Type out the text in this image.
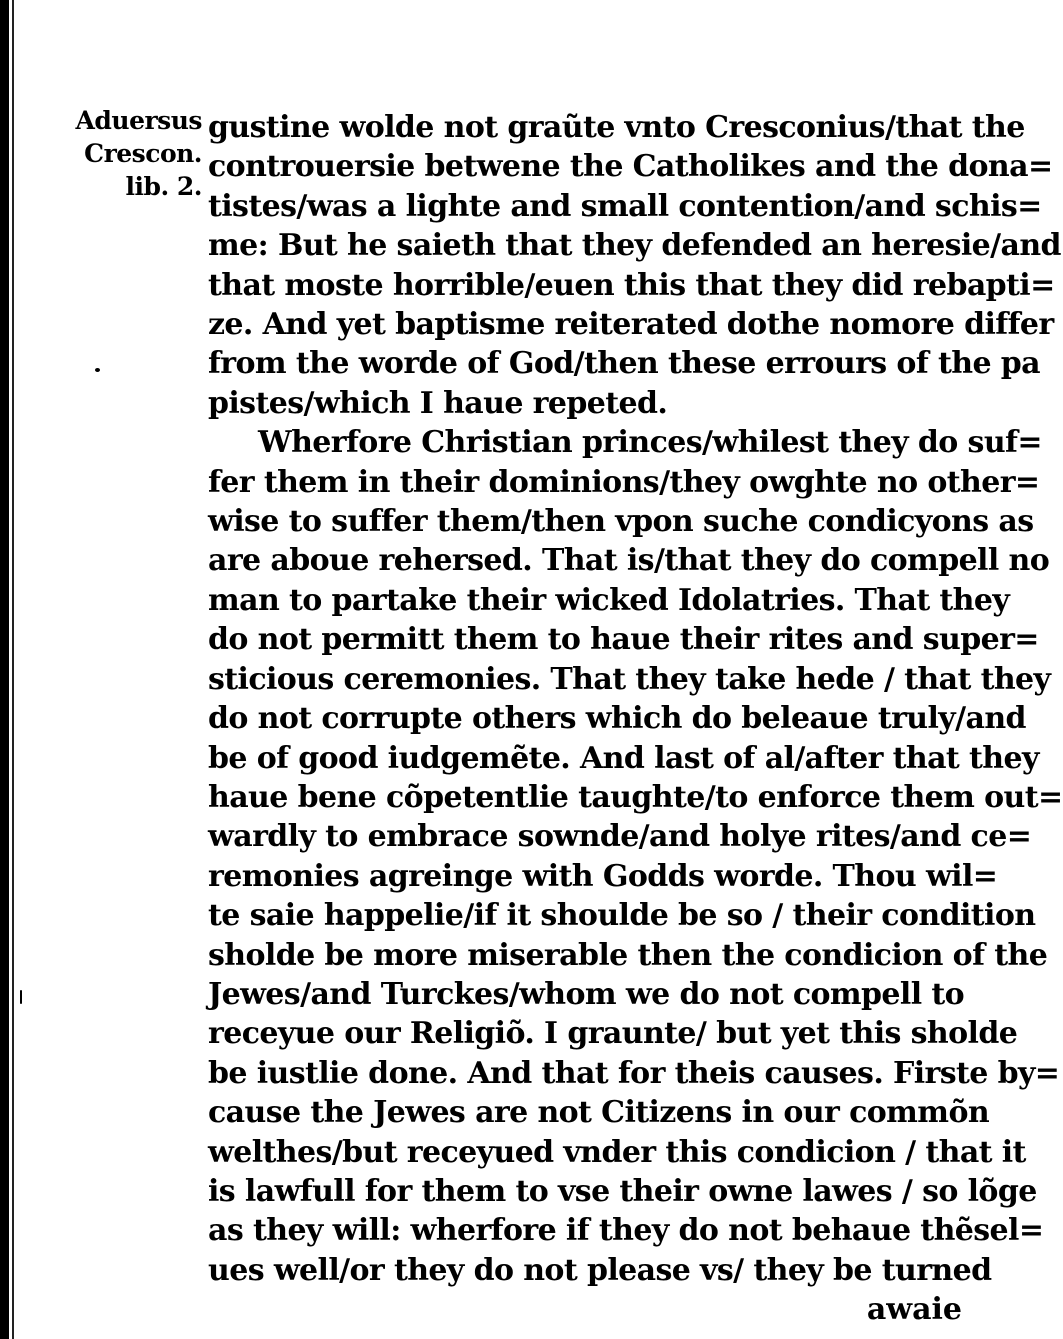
Aduersus
Crescon.
lib. 2.
gustine wolde not graũte vnto Cresconius/that the
controuersie betwene the Catholikes and the dona=
tistes/was a lighte and small contention/and schis=
me: But he saieth that they defended an heresie/and
that moste horrible/euen this that they did rebapti=
ze. And yet baptisme reiterated dothe nomore differ
from the worde of God/then these errours of the pa
pistes/which I haue repeted.
Wherfore Christian princes/whilest they do suf=
fer them in their dominions/they owghte no other=
wise to suffer them/then vpon suche condicyons as
are aboue rehersed. That is/that they do compell no
man to partake their wicked Idolatries. That they
do not permitt them to haue their rites and super=
sticious ceremonies. That they take hede / that they
do not corrupte others which do beleaue truly/and
be of good iudgemẽte. And last of al/after that they
haue bene cõpetentlie taughte/to enforce them out=
wardly to embrace sownde/and holye rites/and ce=
remonies agreinge with Godds worde. Thou wil=
te saie happelie/if it shoulde be so / their condition
sholde be more miserable then the condicion of the
Jewes/and Turckes/whom we do not compell to
receyue our Religiõ. I graunte/ but yet this sholde
be iustlie done. And that for theis causes. Firste by=
cause the Jewes are not Citizens in our commõn
welthes/but receyued vnder this condicion / that it
is lawfull for them to vse their owne lawes / so lõge
as they will: wherfore if they do not behaue thẽsel=
ues well/or they do not please vs/ they be turned
awaie
